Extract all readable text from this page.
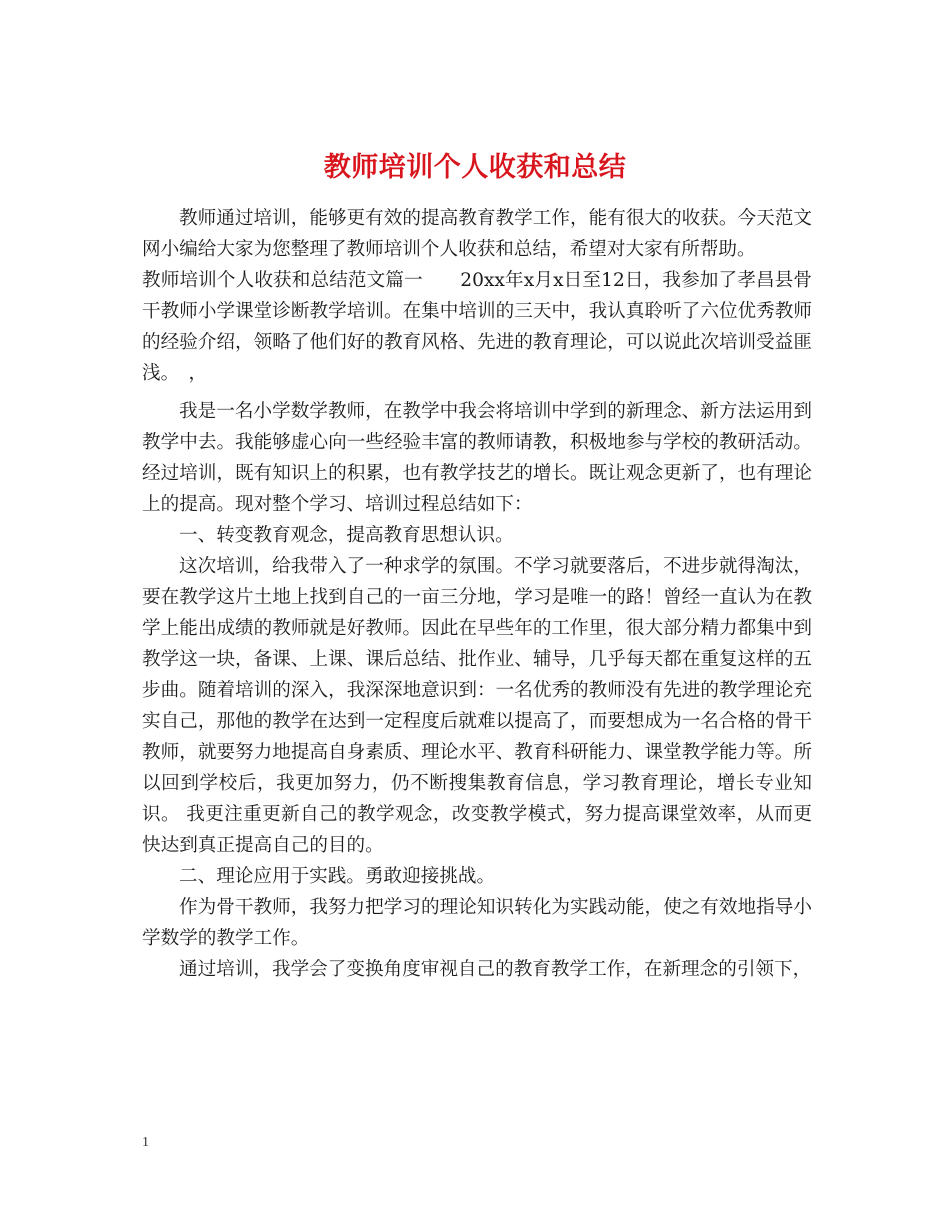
教师培训个人收获和总结

教师通过培训，能够更有效的提高教育教学工作，能有很大的收获。今天范文网小编给大家为您整理了教师培训个人收获和总结，希望对大家有所帮助。

教师培训个人收获和总结范文篇一　　20xx年x月x日至12日，我参加了孝昌县骨干教师小学课堂诊断教学培训。在集中培训的三天中，我认真聆听了六位优秀教师的经验介绍，领略了他们好的教育风格、先进的教育理论，可以说此次培训受益匪浅。　，

我是一名小学数学教师，在教学中我会将培训中学到的新理念、新方法运用到教学中去。我能够虚心向一些经验丰富的教师请教，积极地参与学校的教研活动。经过培训，既有知识上的积累，也有教学技艺的增长。既让观念更新了，也有理论上的提高。现对整个学习、培训过程总结如下：

一、转变教育观念，提高教育思想认识。

这次培训，给我带入了一种求学的氛围。不学习就要落后，不进步就得淘汰，要在教学这片土地上找到自己的一亩三分地，学习是唯一的路！曾经一直认为在教学上能出成绩的教师就是好教师。因此在早些年的工作里，很大部分精力都集中到教学这一块，备课、上课、课后总结、批作业、辅导，几乎每天都在重复这样的五步曲。随着培训的深入，我深深地意识到：一名优秀的教师没有先进的教学理论充实自己，那他的教学在达到一定程度后就难以提高了，而要想成为一名合格的骨干教师，就要努力地提高自身素质、理论水平、教育科研能力、课堂教学能力等。所以回到学校后，我更加努力，仍不断搜集教育信息，学习教育理论，增长专业知识。 我更注重更新自己的教学观念，改变教学模式，努力提高课堂效率，从而更快达到真正提高自己的目的。

二、理论应用于实践。勇敢迎接挑战。

作为骨干教师，我努力把学习的理论知识转化为实践动能，使之有效地指导小学数学的教学工作。

通过培训，我学会了变换角度审视自己的教育教学工作，在新理念的引领下，

1
